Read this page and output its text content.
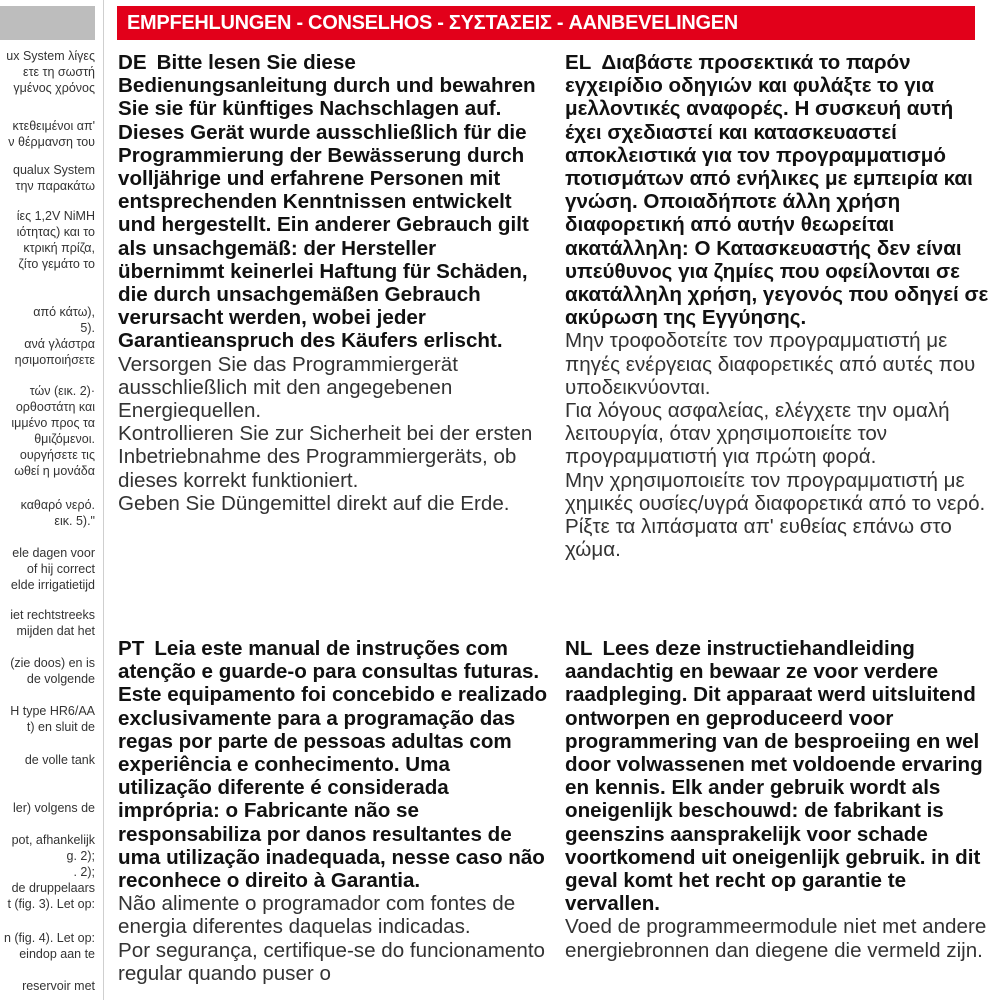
ux System λίγες
ετε τη σωστή
γμένος χρόνος
κτεθειμένοι απ'
ν θέρμανση του
qualux System
την παρακάτω
ίες 1,2V NiMH
ιότητας) και το
κτρική πρίζα,
ζίτο γεμάτο το
από κάτω),
5).
ανά γλάστρα
ησιμοποιήσετε
τών (εικ. 2)·
ορθοστάτη και
ιμμένο προς τα
θμιζόμενοι.
ουργήσετε τις
ωθεί η μονάδα
καθαρό νερό.
εικ. 5)."
ele dagen voor
of hij correct
elde irrigatietijd
iet rechtstreeks
mijden dat het
(zie doos) en is
de volgende
H type HR6/AA
t) en sluit de
de volle tank
ler) volgens de
pot, afhankelijk
g. 2);
. 2);
de druppelaars
t (fig. 3). Let op:
n (fig. 4). Let op:
eindop aan te
reservoir met
EMPFEHLUNGEN - CONSELHOS - ΣΥΣΤΑΣΕΙΣ - AANBEVELINGEN

DE Bitte lesen Sie diese Bedienungsanleitung durch und bewahren Sie sie für künftiges Nachschlagen auf. Dieses Gerät wurde ausschließlich für die Programmierung der Bewässerung durch volljährige und erfahrene Personen mit entsprechenden Kenntnissen entwickelt und hergestellt. Ein anderer Gebrauch gilt als unsachgemäß: der Hersteller übernimmt keinerlei Haftung für Schäden, die durch unsachgemäßen Gebrauch verursacht werden, wobei jeder Garantieanspruch des Käufers erlischt.

Versorgen Sie das Programmiergerät ausschließlich mit den angegebenen Energiequellen.

Kontrollieren Sie zur Sicherheit bei der ersten Inbetriebnahme des Programmiergeräts, ob dieses korrekt funktioniert.

Geben Sie Düngemittel direkt auf die Erde.

EL Διαβάστε προσεκτικά το παρόν εγχειρίδιο οδηγιών και φυλάξτε το για μελλοντικές αναφορές. Η συσκευή αυτή έχει σχεδιαστεί και κατασκευαστεί αποκλειστικά για τον προγραμματισμό ποτισμάτων από ενήλικες με εμπειρία και γνώση. Οποιαδήποτε άλλη χρήση διαφορετική από αυτήν θεωρείται ακατάλληλη: Ο Κατασκευαστής δεν είναι υπεύθυνος για ζημίες που οφείλονται σε ακατάλληλη χρήση, γεγονός που οδηγεί σε ακύρωση της Εγγύησης.

Μην τροφοδοτείτε τον προγραμματιστή με πηγές ενέργειας διαφορετικές από αυτές που υποδεικνύονται.

Για λόγους ασφαλείας, ελέγχετε την ομαλή λειτουργία, όταν χρησιμοποιείτε τον προγραμματιστή για πρώτη φορά.

Μην χρησιμοποιείτε τον προγραμματιστή με χημικές ουσίες/υγρά διαφορετικά από το νερό.

Ρίξτε τα λιπάσματα απ' ευθείας επάνω στο χώμα.

PT Leia este manual de instruções com atenção e guarde-o para consultas futuras. Este equipamento foi concebido e realizado exclusivamente para a programação das regas por parte de pessoas adultas com experiência e conhecimento. Uma utilização diferente é considerada imprópria: o Fabricante não se responsabiliza por danos resultantes de uma utilização inadequada, nesse caso não reconhece o direito à Garantia.

Não alimente o programador com fontes de energia diferentes daquelas indicadas.

Por segurança, certifique-se do funcionamento regular quando puser o

NL Lees deze instructiehandleiding aandachtig en bewaar ze voor verdere raadpleging. Dit apparaat werd uitsluitend ontworpen en geproduceerd voor programmering van de besproeiing en wel door volwassenen met voldoende ervaring en kennis. Elk ander gebruik wordt als oneigenlijk beschouwd: de fabrikant is geenszins aansprakelijk voor schade voortkomend uit oneigenlijk gebruik. in dit geval komt het recht op garantie te vervallen.

Voed de programmeermodule niet met andere energiebronnen dan diegene die vermeld zijn.
